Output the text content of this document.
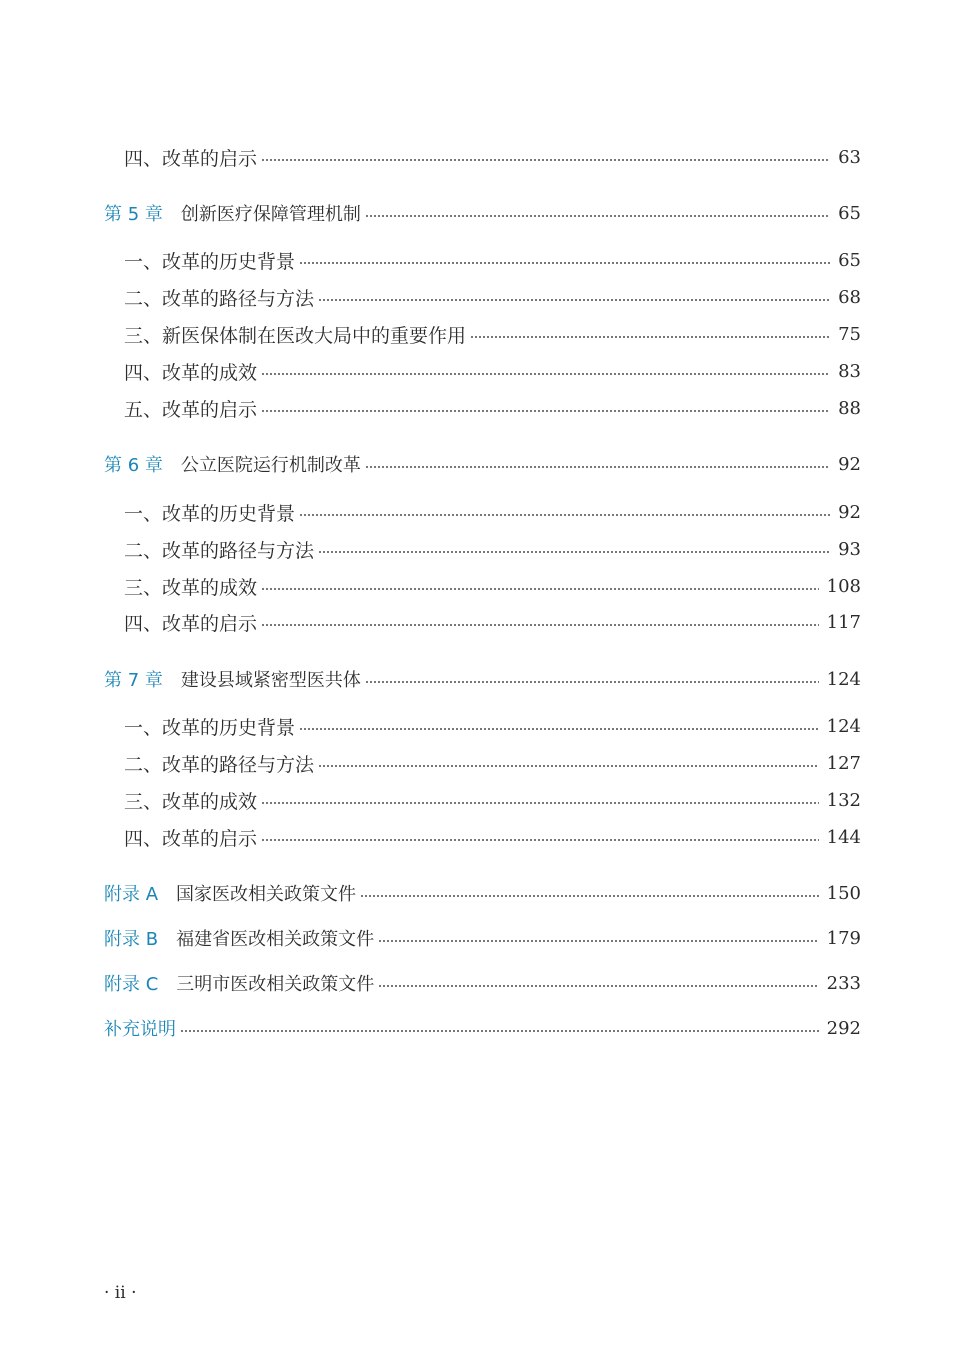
四、改革的启示	63
第 5 章 创新医疗保障管理机制	65
一、改革的历史背景	65
二、改革的路径与方法	68
三、新医保体制在医改大局中的重要作用	75
四、改革的成效	83
五、改革的启示	88
第 6 章 公立医院运行机制改革	92
一、改革的历史背景	92
二、改革的路径与方法	93
三、改革的成效	108
四、改革的启示	117
第 7 章 建设县域紧密型医共体	124
一、改革的历史背景	124
二、改革的路径与方法	127
三、改革的成效	132
四、改革的启示	144
附录 A 国家医改相关政策文件	150
附录 B 福建省医改相关政策文件	179
附录 C 三明市医改相关政策文件	233
补充说明	292
· ii ·
